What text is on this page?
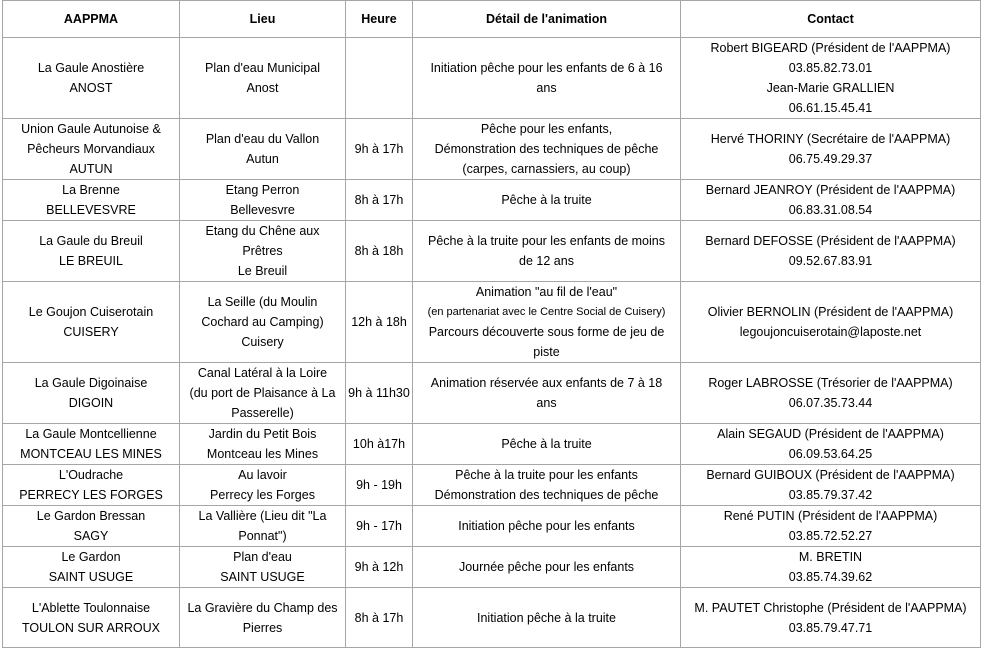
AAPPMA	Lieu	Heure	Détail de l'animation	Contact

La Gaule Anostière
ANOST	Plan d'eau Municipal
Anost		Initiation pêche pour les enfants de 6 à 16
ans	Robert BIGEARD (Président de l'AAPPMA)
03.85.82.73.01
Jean-Marie GRALLIEN
06.61.15.45.41

Union Gaule Autunoise &
Pêcheurs Morvandiaux
AUTUN	Plan d'eau du Vallon
Autun	9h à 17h	Pêche pour les enfants,
Démonstration des techniques de pêche
(carpes, carnassiers, au coup)	Hervé THORINY (Secrétaire de l'AAPPMA)
06.75.49.29.37

La Brenne
BELLEVESVRE	Etang Perron
Bellevesvre	8h à 17h	Pêche à la truite	Bernard JEANROY (Président de l'AAPPMA)
06.83.31.08.54

La Gaule du Breuil
LE BREUIL	Etang du Chêne aux
Prêtres
Le Breuil	8h à 18h	Pêche à la truite pour les enfants de moins
de 12 ans	Bernard DEFOSSE (Président de l'AAPPMA)
09.52.67.83.91

Le Goujon Cuiserotain
CUISERY	La Seille (du Moulin
Cochard au Camping)
Cuisery	12h à 18h	Animation "au fil de l'eau"
(en partenariat avec le Centre Social de Cuisery)
Parcours découverte sous forme de jeu de
piste	Olivier BERNOLIN (Président de l'AAPPMA)
legoujoncuiserotain@laposte.net

La Gaule Digoinaise
DIGOIN	Canal Latéral à la Loire
(du port de Plaisance à La
Passerelle)	9h à 11h30	Animation réservée aux enfants de 7 à 18
ans	Roger LABROSSE (Trésorier de l'AAPPMA)
06.07.35.73.44

La Gaule Montcellienne
MONTCEAU LES MINES	Jardin du Petit Bois
Montceau les Mines	10h à17h	Pêche à la truite	Alain SEGAUD (Président de l'AAPPMA)
06.09.53.64.25

L'Oudrache
PERRECY LES FORGES	Au lavoir
Perrecy les Forges	9h - 19h	Pêche à la truite pour les enfants
Démonstration des techniques de pêche	Bernard GUIBOUX (Président de l'AAPPMA)
03.85.79.37.42

Le Gardon Bressan
SAGY	La Vallière (Lieu dit "La
Ponnat")	9h - 17h	Initiation pêche pour les enfants	René PUTIN (Président de l'AAPPMA)
03.85.72.52.27

Le Gardon
SAINT USUGE	Plan d'eau
SAINT USUGE	9h à 12h	Journée pêche pour les enfants	M. BRETIN
03.85.74.39.62

L'Ablette Toulonnaise
TOULON SUR ARROUX	La Gravière du Champ des
Pierres	8h à 17h	Initiation pêche à la truite	M. PAUTET Christophe (Président de l'AAPPMA)
03.85.79.47.71
